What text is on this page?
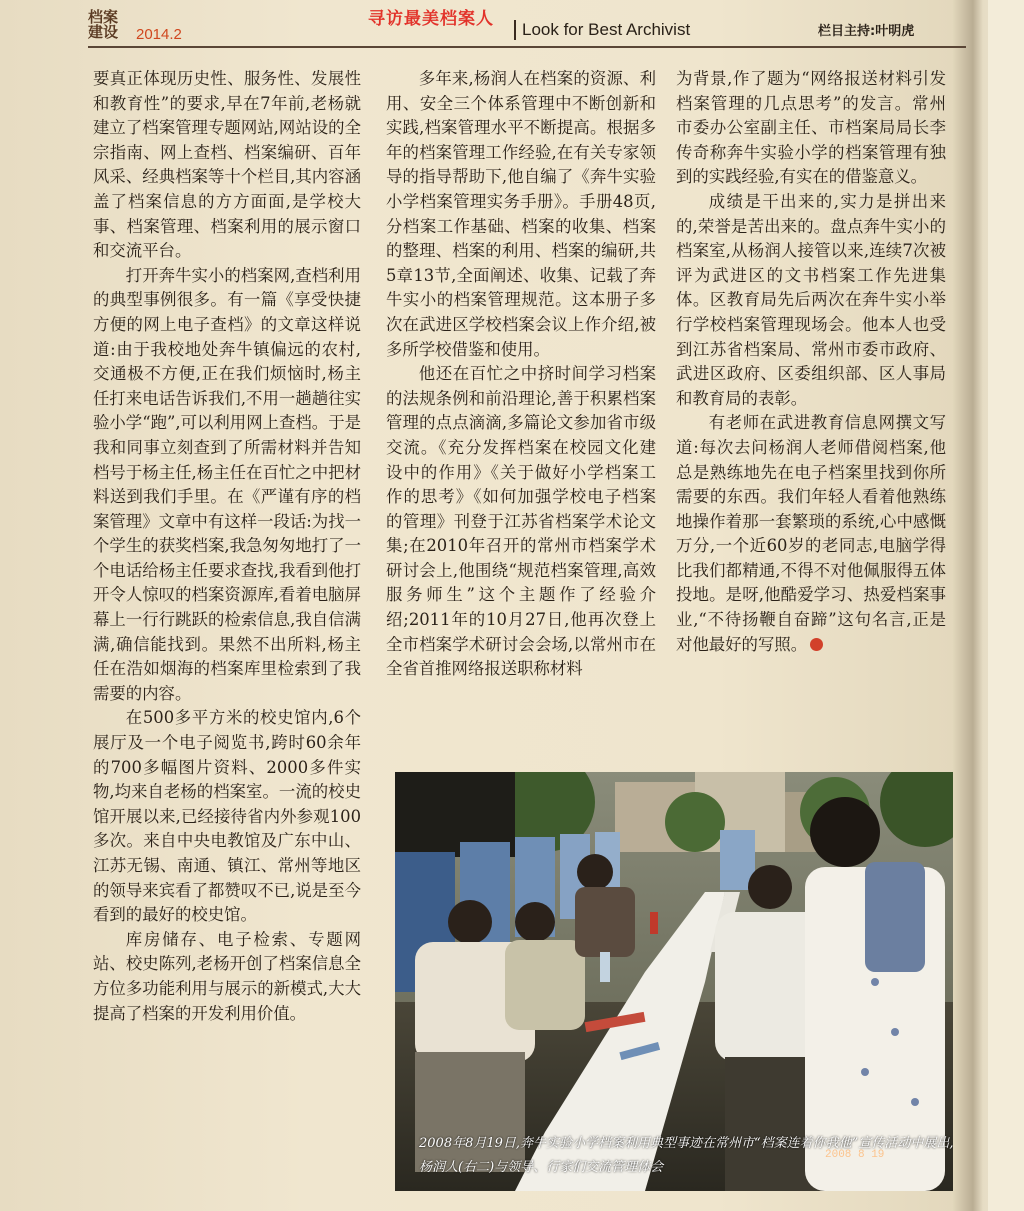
档案
建设	2014.2
寻访最美档案人
Look for Best Archivist	栏目主持:叶明虎

要真正体现历史性、服务性、发展性和教育性”的要求,早在7年前,老杨就建立了档案管理专题网站,网站设的全宗指南、网上查档、档案编研、百年风采、经典档案等十个栏目,其内容涵盖了档案信息的方方面面,是学校大事、档案管理、档案利用的展示窗口和交流平台。

打开奔牛实小的档案网,查档利用的典型事例很多。有一篇《享受快捷方便的网上电子查档》的文章这样说道:由于我校地处奔牛镇偏远的农村,交通极不方便,正在我们烦恼时,杨主任打来电话告诉我们,不用一趟趟往实验小学“跑”,可以利用网上查档。于是我和同事立刻查到了所需材料并告知档号于杨主任,杨主任在百忙之中把材料送到我们手里。在《严谨有序的档案管理》文章中有这样一段话:为找一个学生的获奖档案,我急匆匆地打了一个电话给杨主任要求查找,我看到他打开令人惊叹的档案资源库,看着电脑屏幕上一行行跳跃的检索信息,我自信满满,确信能找到。果然不出所料,杨主任在浩如烟海的档案库里检索到了我需要的内容。

在500多平方米的校史馆内,6个展厅及一个电子阅览书,跨时60余年的700多幅图片资料、2000多件实物,均来自老杨的档案室。一流的校史馆开展以来,已经接待省内外参观100多次。来自中央电教馆及广东中山、江苏无锡、南通、镇江、常州等地区的领导来宾看了都赞叹不已,说是至今看到的最好的校史馆。

库房储存、电子检索、专题网站、校史陈列,老杨开创了档案信息全方位多功能利用与展示的新模式,大大提高了档案的开发利用价值。

多年来,杨润人在档案的资源、利用、安全三个体系管理中不断创新和实践,档案管理水平不断提高。根据多年的档案管理工作经验,在有关专家领导的指导帮助下,他自编了《奔牛实验小学档案管理实务手册》。手册48页,分档案工作基础、档案的收集、档案的整理、档案的利用、档案的编研,共5章13节,全面阐述、收集、记载了奔牛实小的档案管理规范。这本册子多次在武进区学校档案会议上作介绍,被多所学校借鉴和使用。

他还在百忙之中挤时间学习档案的法规条例和前沿理论,善于积累档案管理的点点滴滴,多篇论文参加省市级交流。《充分发挥档案在校园文化建设中的作用》《关于做好小学档案工作的思考》《如何加强学校电子档案的管理》刊登于江苏省档案学术论文集;在2010年召开的常州市档案学术研讨会上,他围绕“规范档案管理,高效服务师生”这个主题作了经验介绍;2011年的10月27日,他再次登上全市档案学术研讨会会场,以常州市在全省首推网络报送职称材料

为背景,作了题为“网络报送材料引发档案管理的几点思考”的发言。常州市委办公室副主任、市档案局局长李传奇称奔牛实验小学的档案管理有独到的实践经验,有实在的借鉴意义。

成绩是干出来的,实力是拼出来的,荣誉是苦出来的。盘点奔牛实小的档案室,从杨润人接管以来,连续7次被评为武进区的文书档案工作先进集体。区教育局先后两次在奔牛实小举行学校档案管理现场会。他本人也受到江苏省档案局、常州市委市政府、武进区政府、区委组织部、区人事局和教育局的表彰。

有老师在武进教育信息网撰文写道:每次去问杨润人老师借阅档案,他总是熟练地先在电子档案里找到你所需要的东西。我们年轻人看着他熟练地操作着那一套繁琐的系统,心中感慨万分,一个近60岁的老同志,电脑学得比我们都精通,不得不对他佩服得五体投地。是呀,他酷爱学习、热爱档案事业,“不待扬鞭自奋蹄”这句名言,正是对他最好的写照。

2008 8 19
2008年8月19日,奔牛实验小学档案利用典型事迹在常州市“档案连着你我他”宣传活动中展出,杨润人(右二)与领导、行家们交流管理体会
